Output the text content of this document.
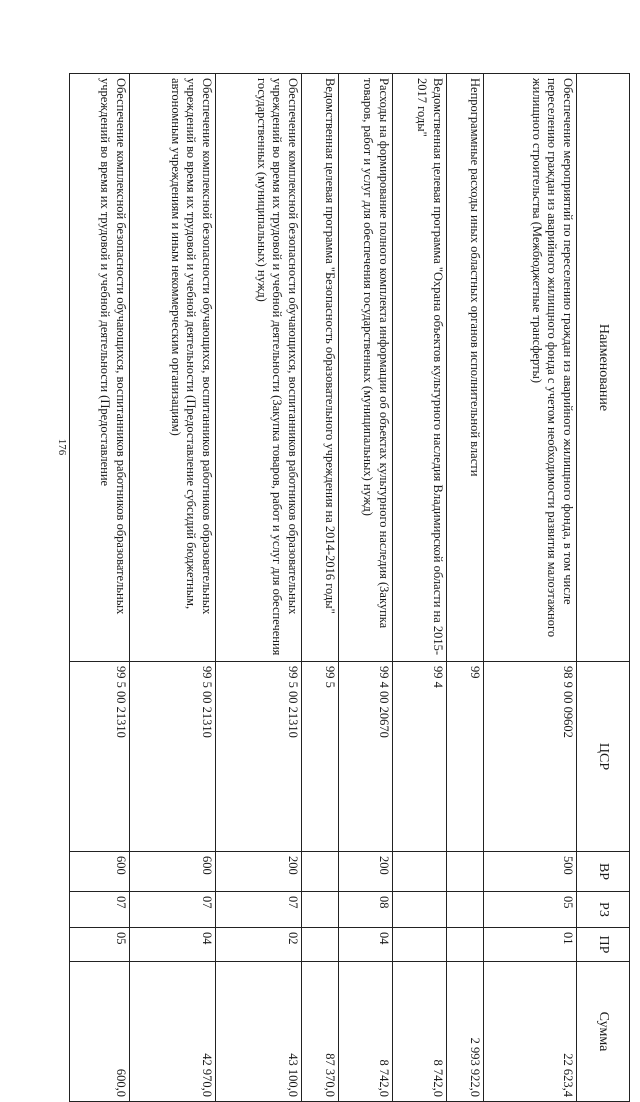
176
Наименование	ЦСР	ВР	РЗ	ПР	Сумма
Обеспечение мероприятий по переселению граждан из аварийного жилищного фонда, в том числе переселению граждан из аварийного жилищного фонда с учетом необходимости развития малоэтажного жилищного строительства (Межбюджетные трансферты)	98 9 00 09602	500	05	01	22 623,4
Непрограммные расходы иных областных органов исполнительной власти	99				2 993 922,0
Ведомственная целевая программа "Охрана объектов культурного наследия Владимирской области на 2015-2017 годы"	99 4				8 742,0
Расходы на формирование полного комплекта информации об объектах культурного наследия (Закупка товаров, работ и услуг для обеспечения государственных (муниципальных) нужд)	99 4 00 20670	200	08	04	8 742,0
Ведомственная целевая программа "Безопасность образовательного учреждения на 2014-2016 годы"	99 5				87 370,0
Обеспечение комплексной безопасности обучающихся, воспитанников работников образовательных учреждений во время их трудовой и учебной деятельности (Закупка товаров, работ и услуг для обеспечения государственных (муниципальных) нужд)	99 5 00 21310	200	07	02	43 100,0
Обеспечение комплексной безопасности обучающихся, воспитанников работников образовательных учреждений во время их трудовой и учебной деятельности (Предоставление субсидий бюджетным, автономным учреждениям и иным некоммерческим организациям)	99 5 00 21310	600	07	04	42 970,0
Обеспечение комплексной безопасности обучающихся, воспитанников работников образовательных учреждений во время их трудовой и учебной деятельности (Предоставление	99 5 00 21310	600	07	05	600,0
